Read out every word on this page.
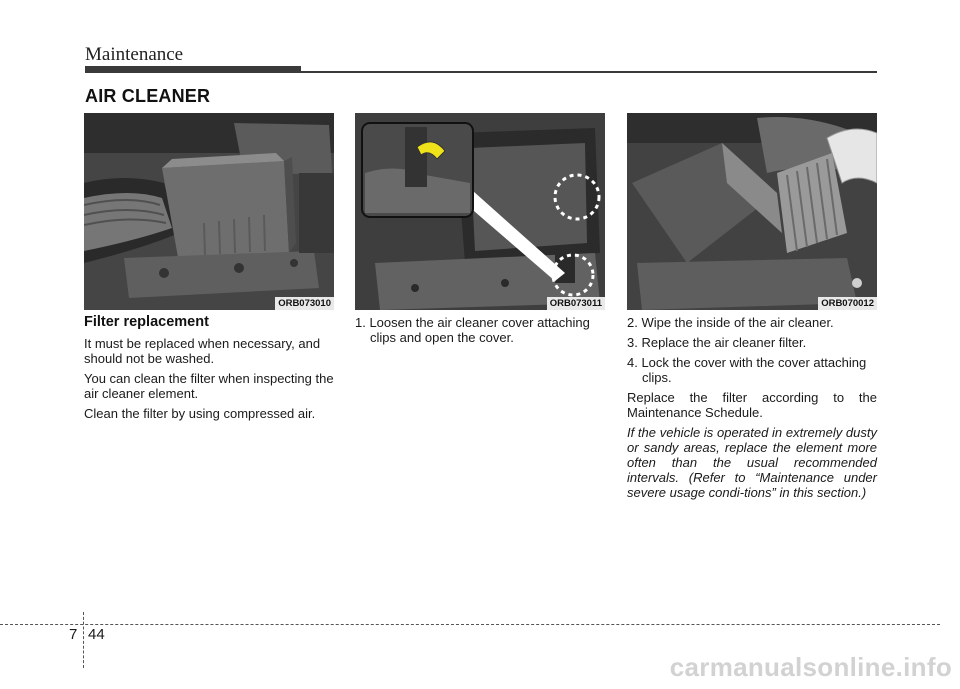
Maintenance
AIR CLEANER
ORB073010	ORB073011	ORB070012
Filter replacement

It must be replaced when necessary, and should not be washed.

You can clean the filter when inspecting the air cleaner element.

Clean the filter by using compressed air.

1. Loosen the air cleaner cover attaching clips and open the cover.

2. Wipe the inside of the air cleaner.

3. Replace the air cleaner filter.

4. Lock the cover with the cover attaching clips.

Replace the filter according to the Maintenance Schedule.

If the vehicle is operated in extremely dusty or sandy areas, replace the element more often than the usual recommended intervals. (Refer to “Maintenance under severe usage condi-tions” in this section.)

7 44
carmanualsonline.info
